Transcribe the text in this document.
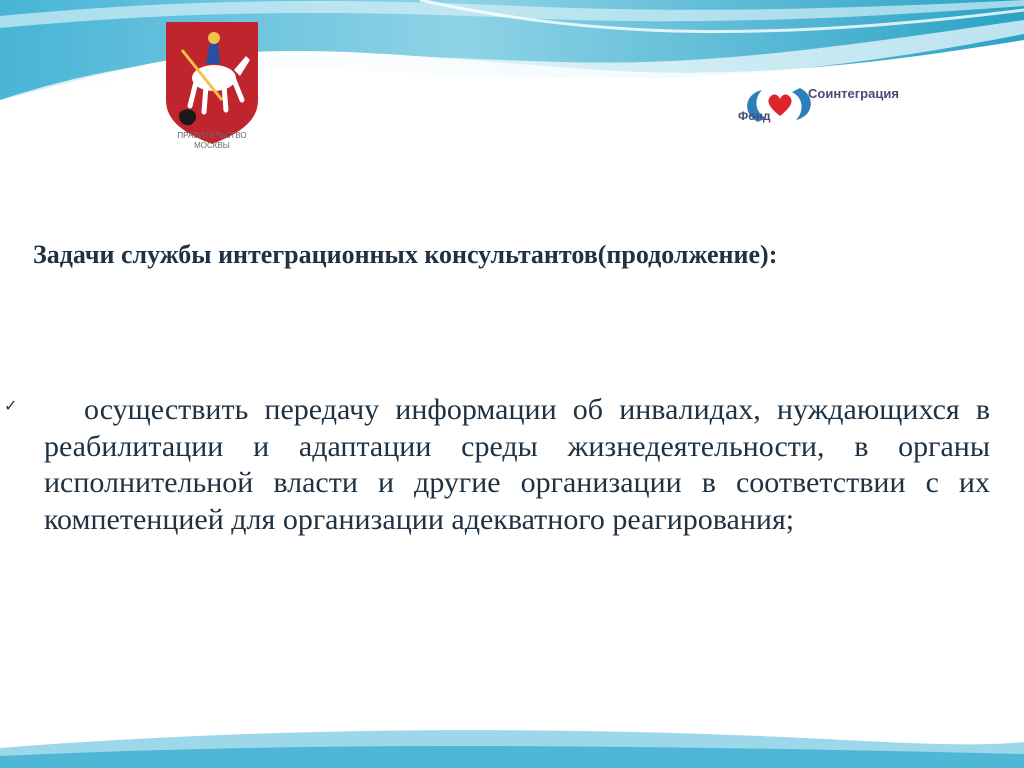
ПРАВИТЕЛЬСТВО
МОСКВЫ
Соинтеграция
Фонд
Задачи службы интеграционных консультантов(продолжение):
✓	осуществить передачу информации об инвалидах, нуждающихся в реабилитации и адаптации среды жизнедеятельности, в органы исполнительной власти и другие организации в соответствии с их компетенцией для организации адекватного реагирования;
